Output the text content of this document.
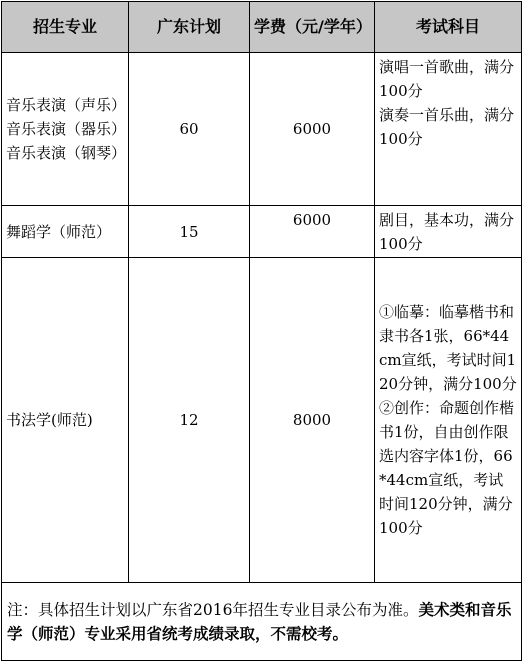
招生专业	广东计划	学费（元/学年）	考试科目

音乐表演（声乐）
音乐表演（器乐）
音乐表演（钢琴）	60	6000	演唱一首歌曲，满分100分
演奏一首乐曲，满分100分

舞蹈学（师范）	15	6000	剧目，基本功，满分100分

书法学(师范)	12	8000	①临摹：临摹楷书和隶书各1张，66*44cm宣纸，考试时间120分钟，满分100分
②创作：命题创作楷书1份，自由创作限选内容字体1份，66*44cm宣纸，考试时间120分钟，满分100分

注：具体招生计划以广东省2016年招生专业目录公布为准。美术类和音乐学（师范）专业采用省统考成绩录取，不需校考。			
